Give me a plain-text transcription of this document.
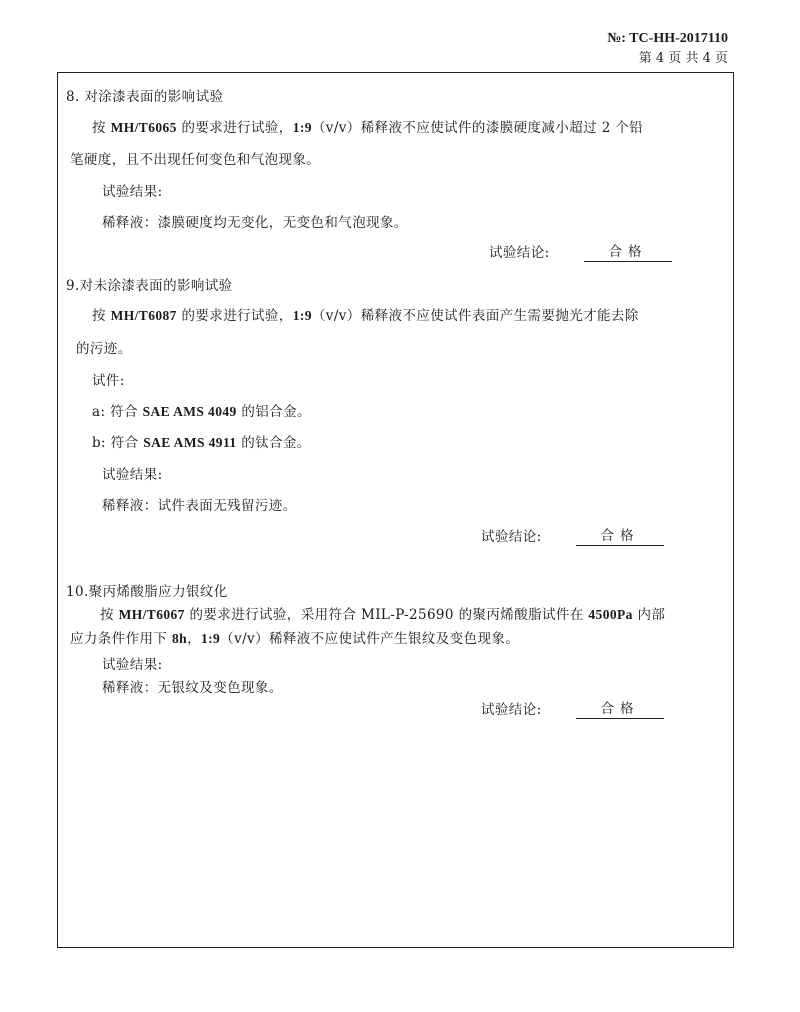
№: TC-HH-2017110
第 4 页 共 4 页
8. 对涂漆表面的影响试验
按 MH/T6065 的要求进行试验，1:9（v/v）稀释液不应使试件的漆膜硬度减小超过 2 个铅
笔硬度，且不出现任何变色和气泡现象。
试验结果:
稀释液：漆膜硬度均无变化，无变色和气泡现象。
试验结论:	合格
9.对未涂漆表面的影响试验
按 MH/T6087 的要求进行试验，1:9（v/v）稀释液不应使试件表面产生需要抛光才能去除
的污迹。
试件:
a: 符合 SAE AMS 4049 的铝合金。
b: 符合 SAE AMS 4911 的钛合金。
试验结果:
稀释液：试件表面无残留污迹。
试验结论:	合格
10.聚丙烯酸脂应力银纹化
按 MH/T6067 的要求进行试验，采用符合 MIL-P-25690 的聚丙烯酸脂试件在 4500Pa 内部
应力条件作用下 8h，1:9（v/v）稀释液不应使试件产生银纹及变色现象。
试验结果:
稀释液：无银纹及变色现象。
试验结论:	合格
